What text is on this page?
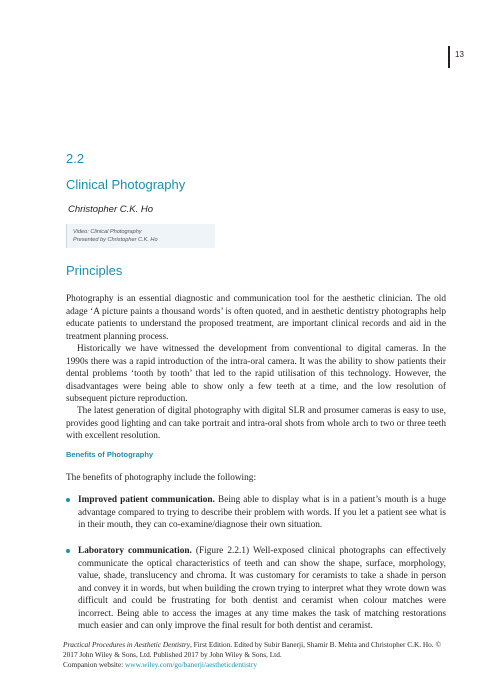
13
2.2
Clinical Photography
Christopher C.K. Ho
Video: Clinical Photography
Presented by Christopher C.K. Ho
Principles

Photography is an essential diagnostic and communication tool for the aesthetic clinician. The old adage ‘A picture paints a thousand words’ is often quoted, and in aesthetic dentistry photographs help educate patients to understand the proposed treatment, are important clinical records and aid in the treatment planning process.

Historically we have witnessed the development from conventional to digital cameras. In the 1990s there was a rapid introduction of the intra-oral camera. It was the ability to show patients their dental problems ‘tooth by tooth’ that led to the rapid utilisation of this technology. However, the disadvantages were being able to show only a few teeth at a time, and the low resolution of subsequent picture reproduction.

The latest generation of digital photography with digital SLR and prosumer cameras is easy to use, provides good lighting and can take portrait and intra-oral shots from whole arch to two or three teeth with excellent resolution.

Benefits of Photography

The benefits of photography include the following:

Improved patient communication. Being able to display what is in a patient’s mouth is a huge advantage compared to trying to describe their problem with words. If you let a patient see what is in their mouth, they can co-examine/diagnose their own situation.

Laboratory communication. (Figure 2.2.1) Well-exposed clinical photographs can effectively communicate the optical characteristics of teeth and can show the shape, surface, morphology, value, shade, translucency and chroma. It was customary for ceramists to take a shade in person and convey it in words, but when building the crown trying to interpret what they wrote down was difficult and could be frustrating for both dentist and ceramist when colour matches were incorrect. Being able to access the images at any time makes the task of matching restorations much easier and can only improve the final result for both dentist and ceramist.

Practical Procedures in Aesthetic Dentistry, First Edition. Edited by Subir Banerji, Shamir B. Mehta and Christopher C.K. Ho. © 2017 John Wiley & Sons, Ltd. Published 2017 by John Wiley & Sons, Ltd.
Companion website: www.wiley.com/go/banerji/aestheticdentistry
